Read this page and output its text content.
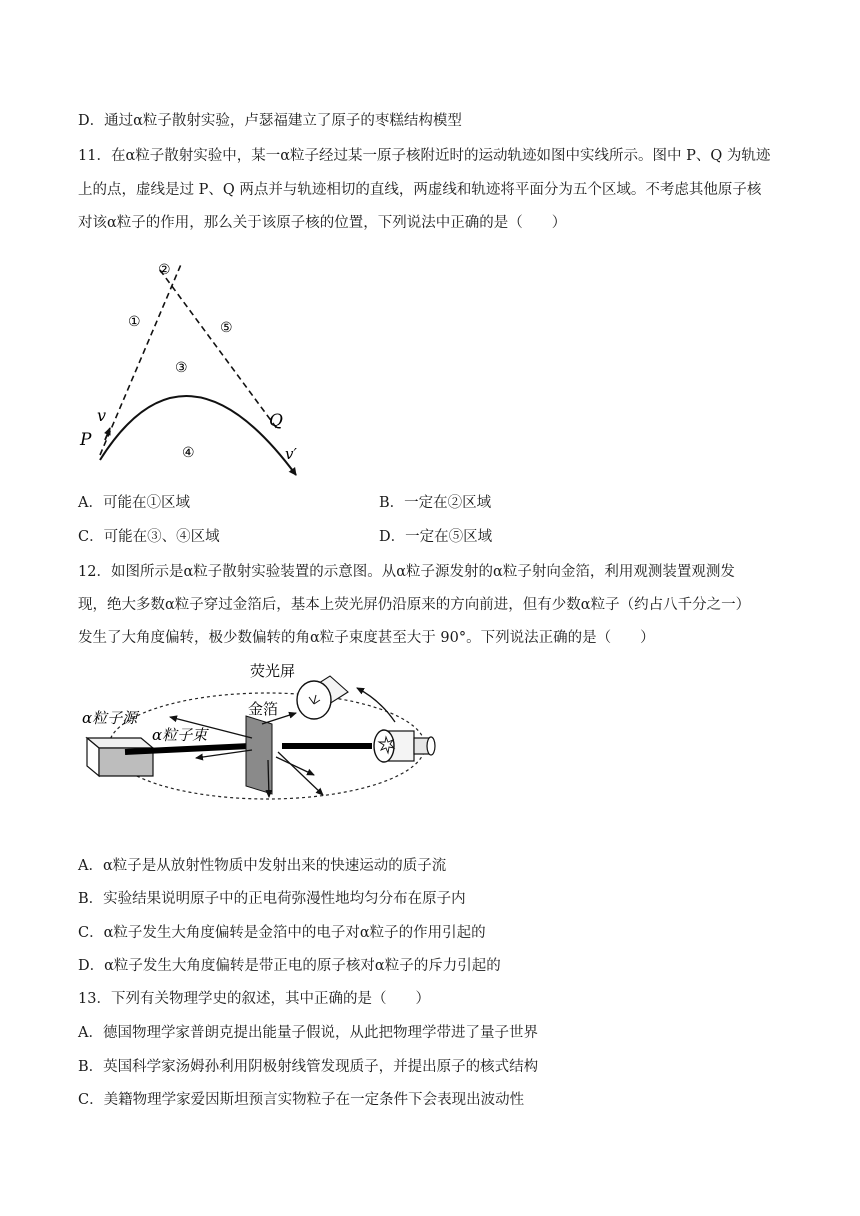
D．通过α粒子散射实验，卢瑟福建立了原子的枣糕结构模型
11．在α粒子散射实验中，某一α粒子经过某一原子核附近时的运动轨迹如图中实线所示。图中 P、Q 为轨迹
上的点，虚线是过 P、Q 两点并与轨迹相切的直线，两虚线和轨迹将平面分为五个区域。不考虑其他原子核
对该α粒子的作用，那么关于该原子核的位置，下列说法中正确的是（　　）
②
①	⑤
③
④
v
P
Q
v′
A．可能在①区域	B．一定在②区域
C．可能在③、④区域	D．一定在⑤区域
12．如图所示是α粒子散射实验装置的示意图。从α粒子源发射的α粒子射向金箔，利用观测装置观测发
现，绝大多数α粒子穿过金箔后，基本上荧光屏仍沿原来的方向前进，但有少数α粒子（约占八千分之一）
发生了大角度偏转，极少数偏转的角α粒子束度甚至大于 90°。下列说法正确的是（　　）
荧光屏
金箔
α粒子源
α粒子束
A．α粒子是从放射性物质中发射出来的快速运动的质子流
B．实验结果说明原子中的正电荷弥漫性地均匀分布在原子内
C．α粒子发生大角度偏转是金箔中的电子对α粒子的作用引起的
D．α粒子发生大角度偏转是带正电的原子核对α粒子的斥力引起的
13．下列有关物理学史的叙述，其中正确的是（　　）
A．德国物理学家普朗克提出能量子假说，从此把物理学带进了量子世界
B．英国科学家汤姆孙利用阴极射线管发现质子，并提出原子的核式结构
C．美籍物理学家爱因斯坦预言实物粒子在一定条件下会表现出波动性
